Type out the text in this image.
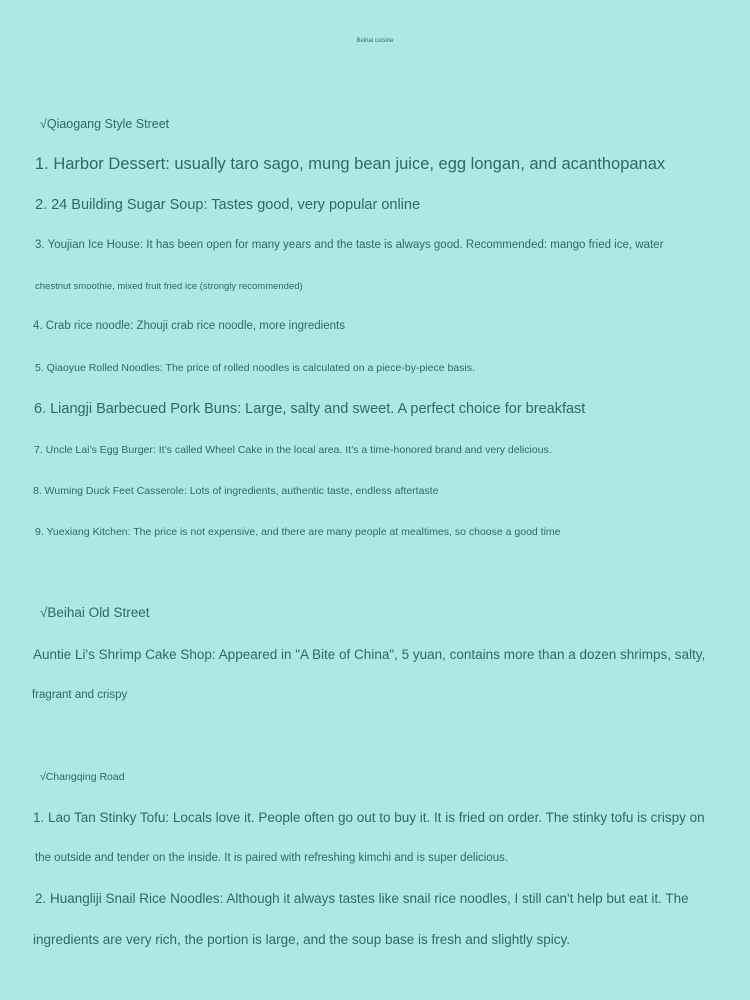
Beihai cuisine
√Qiaogang Style Street
1. Harbor Dessert: usually taro sago, mung bean juice, egg longan, and acanthopanax
2. 24 Building Sugar Soup: Tastes good, very popular online
3. Youjian Ice House: It has been open for many years and the taste is always good. Recommended: mango fried ice, water
chestnut smoothie, mixed fruit fried ice (strongly recommended)
4. Crab rice noodle: Zhouji crab rice noodle, more ingredients
5. Qiaoyue Rolled Noodles: The price of rolled noodles is calculated on a piece-by-piece basis.
6. Liangji Barbecued Pork Buns: Large, salty and sweet. A perfect choice for breakfast
7. Uncle Lai’s Egg Burger: It’s called Wheel Cake in the local area. It’s a time-honored brand and very delicious.
8. Wuming Duck Feet Casserole: Lots of ingredients, authentic taste, endless aftertaste
9. Yuexiang Kitchen: The price is not expensive, and there are many people at mealtimes, so choose a good time
√Beihai Old Street
Auntie Li's Shrimp Cake Shop: Appeared in "A Bite of China", 5 yuan, contains more than a dozen shrimps, salty,
fragrant and crispy
√Changqing Road
1. Lao Tan Stinky Tofu: Locals love it. People often go out to buy it. It is fried on order. The stinky tofu is crispy on
the outside and tender on the inside. It is paired with refreshing kimchi and is super delicious.
2. Huangliji Snail Rice Noodles: Although it always tastes like snail rice noodles, I still can't help but eat it. The
ingredients are very rich, the portion is large, and the soup base is fresh and slightly spicy.
